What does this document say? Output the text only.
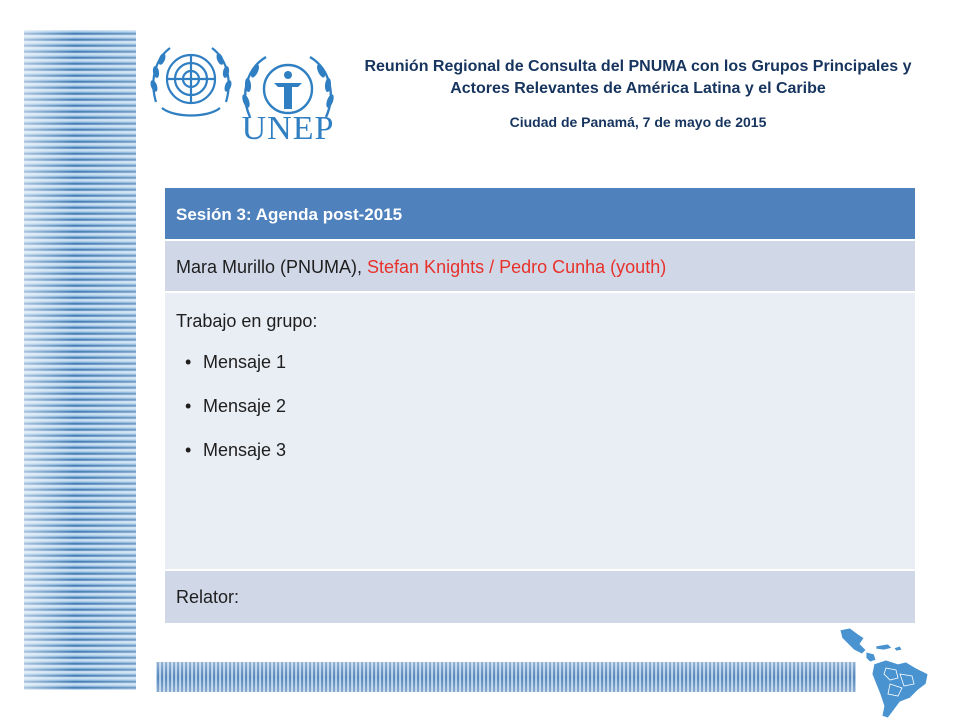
UNEP
Reunión Regional de Consulta del PNUMA con los Grupos Principales y Actores Relevantes de América Latina y el Caribe
Ciudad de Panamá, 7 de mayo de 2015
Sesión 3: Agenda post-2015
Mara Murillo (PNUMA), Stefan Knights / Pedro Cunha (youth)
Trabajo en grupo:
• Mensaje 1
• Mensaje 2
• Mensaje 3
Relator:
